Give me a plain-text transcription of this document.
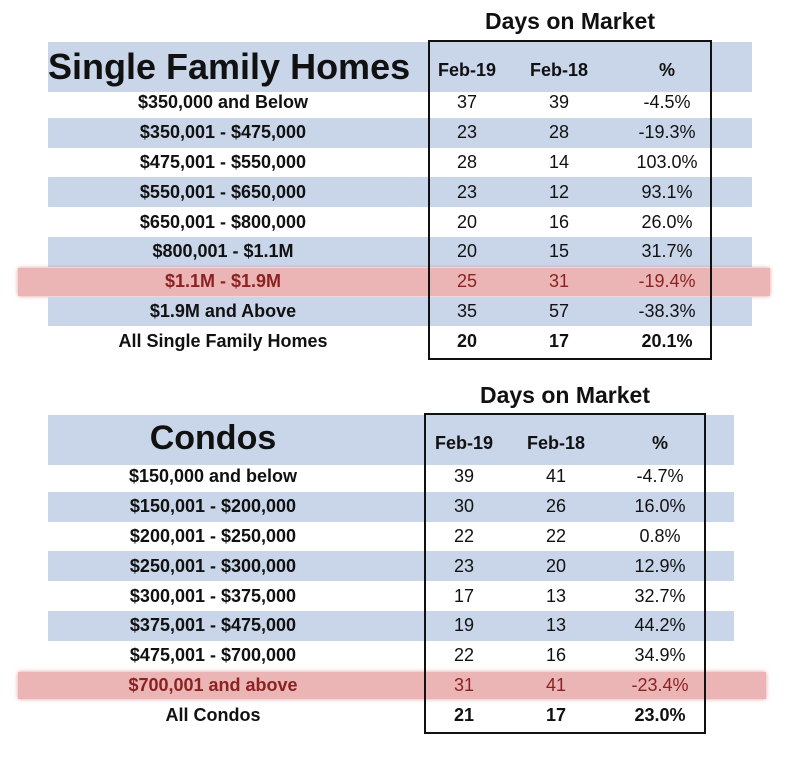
Days on Market
Single Family Homes	Feb-19	Feb-18	%
$350,000 and Below	37	39	-4.5%
$350,001 - $475,000	23	28	-19.3%
$475,001 - $550,000	28	14	103.0%
$550,001 - $650,000	23	12	93.1%
$650,001 - $800,000	20	16	26.0%
$800,001 - $1.1M	20	15	31.7%
$1.1M - $1.9M	25	31	-19.4%
$1.9M and Above	35	57	-38.3%
All Single Family Homes	20	17	20.1%
Days on Market
Condos	Feb-19	Feb-18	%
$150,000 and below	39	41	-4.7%
$150,001 - $200,000	30	26	16.0%
$200,001 - $250,000	22	22	0.8%
$250,001 - $300,000	23	20	12.9%
$300,001 - $375,000	17	13	32.7%
$375,001 - $475,000	19	13	44.2%
$475,001 - $700,000	22	16	34.9%
$700,001 and above	31	41	-23.4%
All Condos	21	17	23.0%
